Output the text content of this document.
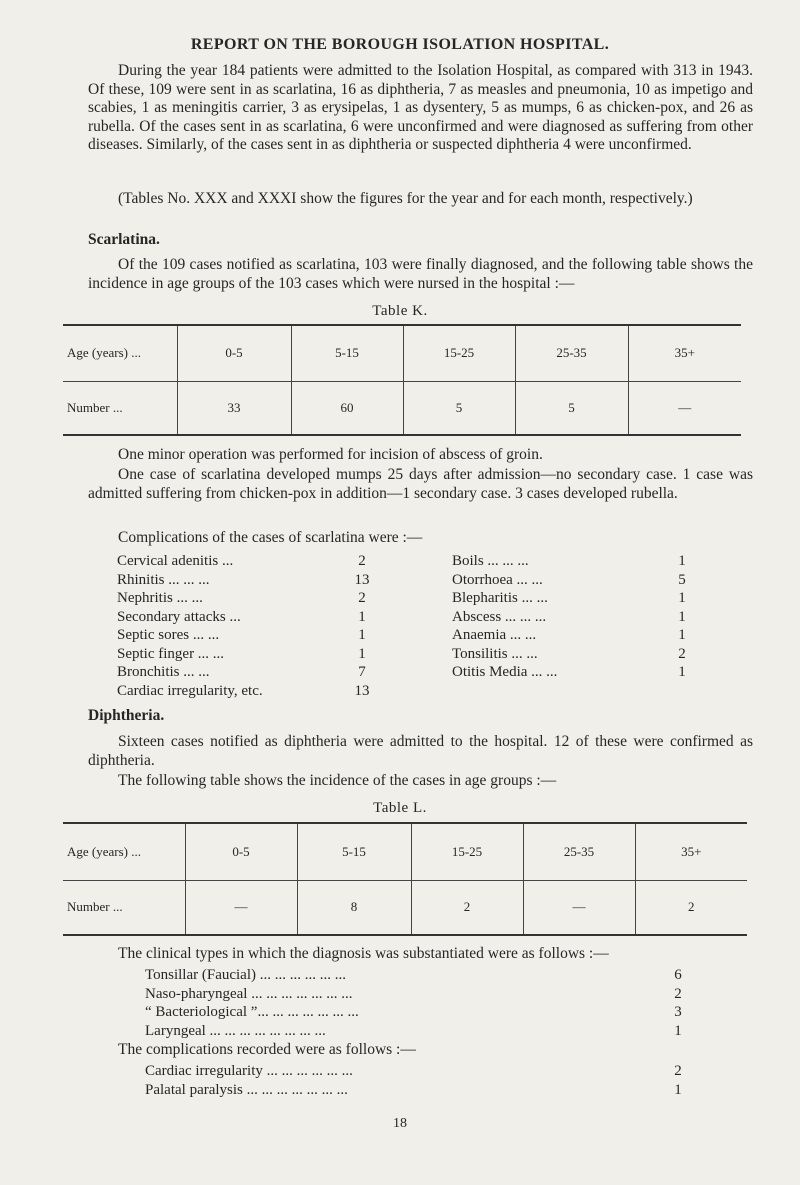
REPORT ON THE BOROUGH ISOLATION HOSPITAL.
During the year 184 patients were admitted to the Isolation Hospital, as compared with 313 in 1943. Of these, 109 were sent in as scarlatina, 16 as diphtheria, 7 as measles and pneumonia, 10 as impetigo and scabies, 1 as meningitis carrier, 3 as erysipelas, 1 as dysentery, 5 as mumps, 6 as chicken-pox, and 26 as rubella. Of the cases sent in as scarlatina, 6 were unconfirmed and were diagnosed as suffering from other diseases. Similarly, of the cases sent in as diphtheria or suspected diphtheria 4 were unconfirmed.
(Tables No. XXX and XXXI show the figures for the year and for each month, respectively.)
Scarlatina.
Of the 109 cases notified as scarlatina, 103 were finally diagnosed, and the following table shows the incidence in age groups of the 103 cases which were nursed in the hospital :—
Table K.
Age (years) ...	0-5	5-15	15-25	25-35	35+
Number ...	33	60	5	5	—
One minor operation was performed for incision of abscess of groin.
One case of scarlatina developed mumps 25 days after admission—no secondary case. 1 case was admitted suffering from chicken-pox in addition—1 secondary case. 3 cases developed rubella.
Complications of the cases of scarlatina were :—
Cervical adenitis ...	2
Rhinitis ... ... ...	13
Nephritis ... ...	2
Secondary attacks ...	1
Septic sores ... ...	1
Septic finger ... ...	1
Bronchitis ... ...	7
Cardiac irregularity, etc.	13
Boils ... ... ...	1
Otorrhoea ... ...	5
Blepharitis ... ...	1
Abscess ... ... ...	1
Anaemia ... ...	1
Tonsilitis ... ...	2
Otitis Media ... ...	1
Diphtheria.
Sixteen cases notified as diphtheria were admitted to the hospital. 12 of these were confirmed as diphtheria.
The following table shows the incidence of the cases in age groups :—
Table L.
Age (years) ...	0-5	5-15	15-25	25-35	35+
Number ...	—	8	2	—	2
The clinical types in which the diagnosis was substantiated were as follows :—
Tonsillar (Faucial) ... ... ... ... ... ...	6
Naso-pharyngeal ... ... ... ... ... ... ...	2
“ Bacteriological ”... ... ... ... ... ... ...	3
Laryngeal ... ... ... ... ... ... ... ...	1
The complications recorded were as follows :—
Cardiac irregularity ... ... ... ... ... ...	2
Palatal paralysis ... ... ... ... ... ... ...	1
18
